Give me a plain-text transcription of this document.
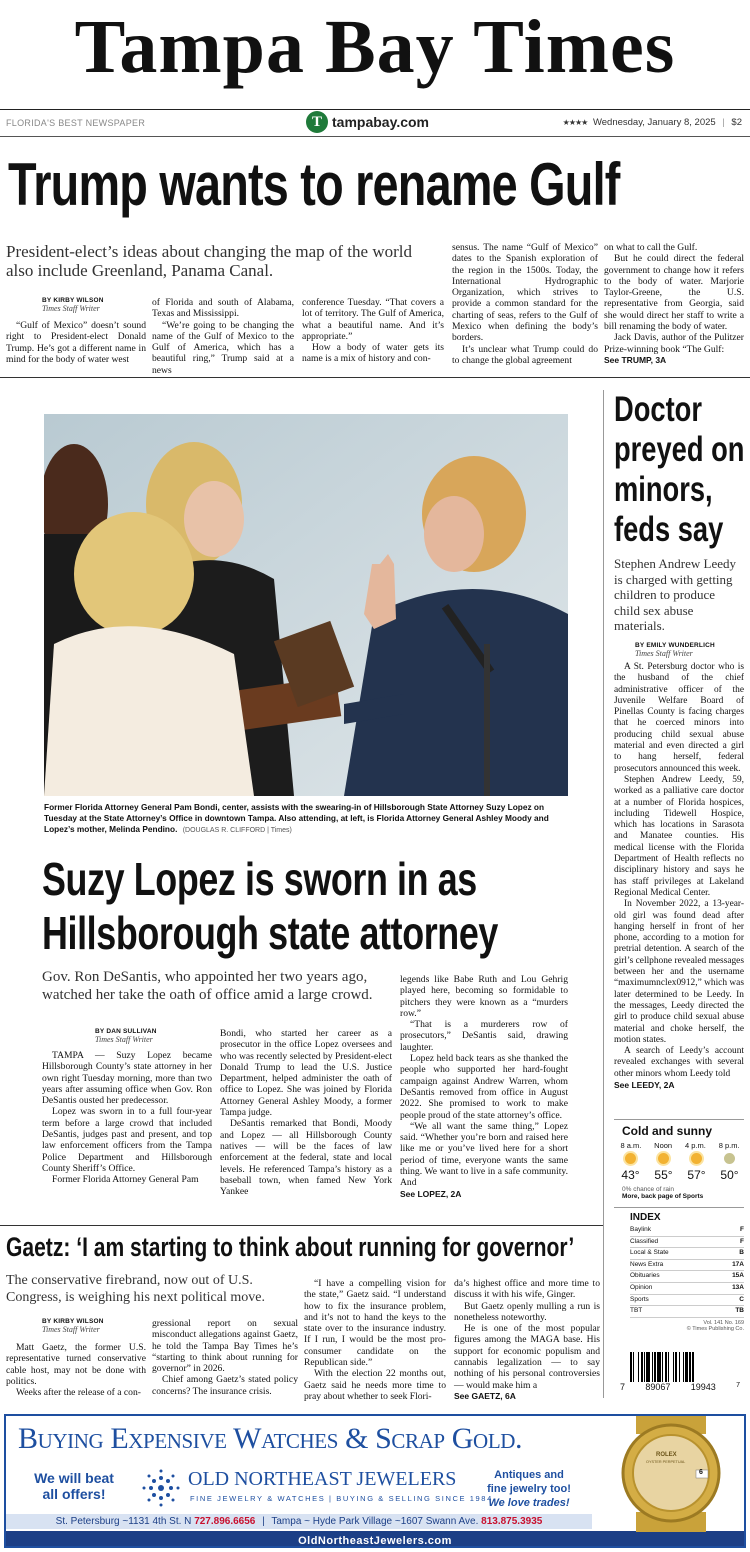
Tampa Bay Times
FLORIDA'S BEST NEWSPAPER	T tampabay.com	★★★★ Wednesday, January 8, 2025 | $2
Trump wants to rename Gulf
President-elect’s ideas about changing the map of the world also include Greenland, Panama Canal.
BY KIRBY WILSON
Times Staff Writer

“Gulf of Mexico” doesn’t sound right to President-elect Donald Trump. He’s got a different name in mind for the body of water west

of Florida and south of Alabama, Texas and Mississippi.

“We’re going to be changing the name of the Gulf of Mexico to the Gulf of America, which has a beautiful ring,” Trump said at a news

conference Tuesday. “That covers a lot of territory. The Gulf of America, what a beautiful name. And it’s appropriate.”

How a body of water gets its name is a mix of history and con-

sensus. The name “Gulf of Mexico” dates to the Spanish exploration of the region in the 1500s. Today, the International Hydrographic Organization, which strives to provide a common standard for the charting of seas, refers to the Gulf of Mexico when defining the body’s borders.

It’s unclear what Trump could do to change the global agreement

on what to call the Gulf.

But he could direct the federal government to change how it refers to the body of water. Marjorie Taylor-Greene, the U.S. representative from Georgia, said she would direct her staff to write a bill renaming the body of water.

Jack Davis, author of the Pulitzer Prize-winning book “The Gulf:

See TRUMP, 3A
Former Florida Attorney General Pam Bondi, center, assists with the swearing-in of Hillsborough State Attorney Suzy Lopez on Tuesday at the State Attorney’s Office in downtown Tampa. Also attending, at left, is Florida Attorney General Ashley Moody and Lopez’s mother, Melinda Pendino. (DOUGLAS R. CLIFFORD | Times)
Suzy Lopez is sworn in as Hillsborough state attorney
Gov. Ron DeSantis, who appointed her two years ago, watched her take the oath of office amid a large crowd.
BY DAN SULLIVAN
Times Staff Writer

TAMPA — Suzy Lopez became Hillsborough County’s state attorney in her own right Tuesday morning, more than two years after assuming office when Gov. Ron DeSantis ousted her predecessor.

Lopez was sworn in to a full four-year term before a large crowd that included DeSantis, judges past and present, and top law enforcement officers from the Tampa Police Department and Hillsborough County Sheriff’s Office.

Former Florida Attorney General Pam

Bondi, who started her career as a prosecutor in the office Lopez oversees and who was recently selected by President-elect Donald Trump to lead the U.S. Justice Department, helped administer the oath of office to Lopez. She was joined by Florida Attorney General Ashley Moody, a former Tampa judge.

DeSantis remarked that Bondi, Moody and Lopez — all Hillsborough County natives — will be the faces of law enforcement at the federal, state and local levels. He referenced Tampa’s history as a baseball town, when famed New York Yankee

legends like Babe Ruth and Lou Gehrig played here, becoming so formidable to pitchers they were known as a “murders row.”

“That is a murderers row of prosecutors,” DeSantis said, drawing laughter.

Lopez held back tears as she thanked the people who supported her hard-fought campaign against Andrew Warren, whom DeSantis removed from office in August 2022. She promised to work to make people proud of the state attorney’s office.

“We all want the same thing,” Lopez said. “Whether you’re born and raised here like me or you’ve lived here for a short period of time, everyone wants the same thing. We want to live in a safe community. And

See LOPEZ, 2A
Doctor preyed on minors, feds say
Stephen Andrew Leedy is charged with getting children to produce child sex abuse materials.
BY EMILY WUNDERLICH
Times Staff Writer

A St. Petersburg doctor who is the husband of the chief administrative officer of the Juvenile Welfare Board of Pinellas County is facing charges that he coerced minors into producing child sexual abuse material and even directed a girl to hang herself, federal prosecutors announced this week.

Stephen Andrew Leedy, 59, worked as a palliative care doctor at a number of Florida hospices, including Tidewell Hospice, which has locations in Sarasota and Manatee counties. His medical license with the Florida Department of Health reflects no disciplinary history and says he has staff privileges at Lakeland Regional Medical Center.

In November 2022, a 13-year-old girl was found dead after hanging herself in front of her phone, according to a motion for pretrial detention. A search of the girl’s cellphone revealed messages between her and the username “maximumnclex0912,” which was later determined to be Leedy. In the messages, Leedy directed the girl to produce child sexual abuse material and choke herself, the motion states.

A search of Leedy’s account revealed exchanges with several other minors whom Leedy told

See LEEDY, 2A
Cold and sunny
8 a.m. Noon 4 p.m. 8 p.m.
43° 55° 57° 50°
0% chance of rain
More, back page of Sports
INDEX
Baylink	F
Classified	F
Local & State	B
News Extra	17A
Obituaries	15A
Opinion	13A
Sports	C
TBT	TB
Vol. 141 No. 169
© Times Publishing Co.
7 89067 19943	7
Gaetz: ‘I am starting to think about running for governor’
The conservative firebrand, now out of U.S. Congress, is weighing his next political move.
BY KIRBY WILSON
Times Staff Writer

Matt Gaetz, the former U.S. representative turned conservative cable host, may not be done with politics.

Weeks after the release of a con-

gressional report on sexual misconduct allegations against Gaetz, he told the Tampa Bay Times he’s “starting to think about running for governor” in 2026.

Chief among Gaetz’s stated policy concerns? The insurance crisis.

“I have a compelling vision for the state,” Gaetz said. “I understand how to fix the insurance problem, and it’s not to hand the keys to the state over to the insurance industry. If I run, I would be the most pro-consumer candidate on the Republican side.”

With the election 22 months out, Gaetz said he needs more time to pray about whether to seek Flori-

da’s highest office and more time to discuss it with his wife, Ginger.

But Gaetz openly mulling a run is nonetheless noteworthy.

He is one of the most popular figures among the MAGA base. His support for economic populism and cannabis legalization — to say nothing of his personal controversies — would make him a

See GAETZ, 6A
Buying Expensive Watches & Scrap Gold.
We will beat
all offers!
OLD NORTHEAST JEWELERS
FINE JEWELRY & WATCHES | BUYING & SELLING SINCE 1984
Antiques and
fine jewelry too!
We love trades!
St. Petersburg ~1131 4th St. N 727.896.6656 | Tampa ~ Hyde Park Village ~1607 Swann Ave. 813.875.3935
OldNortheastJewelers.com
ROLEX
OYSTER PERPETUAL
6
